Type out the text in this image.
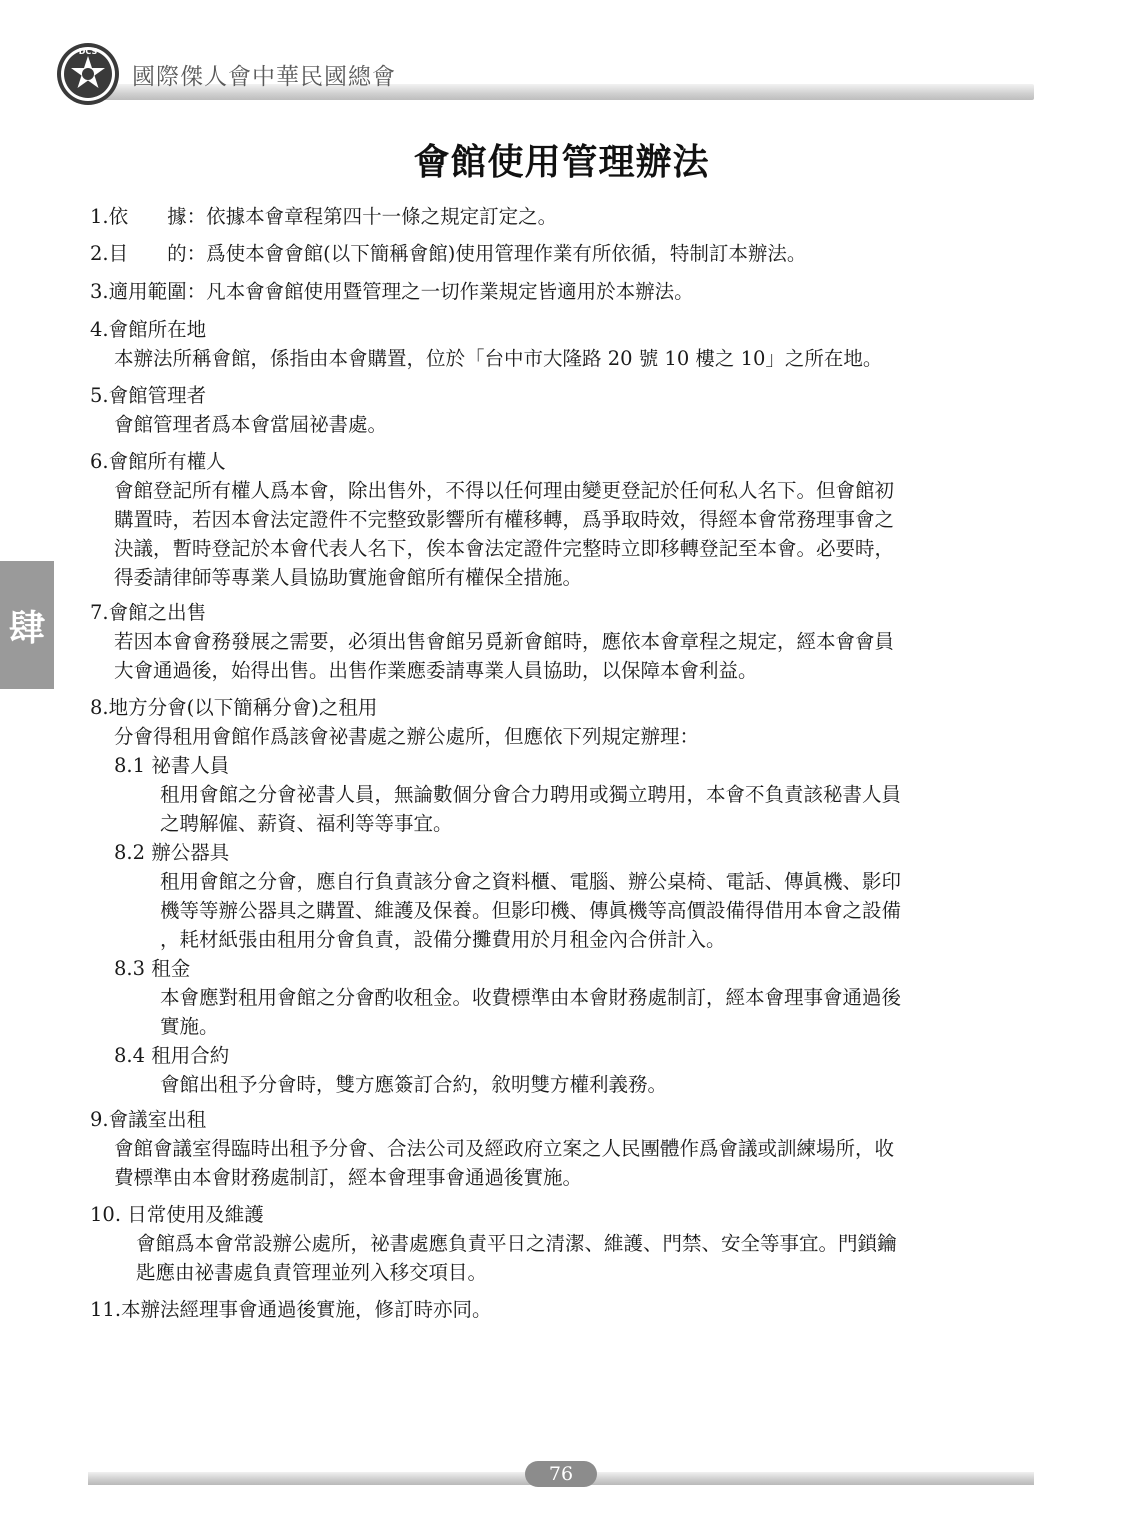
DCS
國際傑人會中華民國總會
會館使用管理辦法
肆
1.依　　據：依據本會章程第四十一條之規定訂定之。
2.目　　的：爲使本會會館(以下簡稱會館)使用管理作業有所依循，特制訂本辦法。
3.適用範圍：凡本會會館使用暨管理之一切作業規定皆適用於本辦法。
4.會館所在地
本辦法所稱會館，係指由本會購置，位於「台中市大隆路 20 號 10 樓之 10」之所在地。
5.會館管理者
會館管理者爲本會當屆祕書處。
6.會館所有權人
會館登記所有權人爲本會，除出售外，不得以任何理由變更登記於任何私人名下。但會館初
購置時，若因本會法定證件不完整致影響所有權移轉，爲爭取時效，得經本會常務理事會之
決議，暫時登記於本會代表人名下，俟本會法定證件完整時立即移轉登記至本會。必要時，
得委請律師等專業人員協助實施會館所有權保全措施。
7.會館之出售
若因本會會務發展之需要，必須出售會館另覓新會館時，應依本會章程之規定，經本會會員
大會通過後，始得出售。出售作業應委請專業人員協助，以保障本會利益。
8.地方分會(以下簡稱分會)之租用
分會得租用會館作爲該會祕書處之辦公處所，但應依下列規定辦理：
8.1 祕書人員
租用會館之分會祕書人員，無論數個分會合力聘用或獨立聘用，本會不負責該秘書人員
之聘解僱、薪資、福利等等事宜。
8.2 辦公器具
租用會館之分會，應自行負責該分會之資料櫃、電腦、辦公桌椅、電話、傳眞機、影印
機等等辦公器具之購置、維護及保養。但影印機、傳眞機等高價設備得借用本會之設備
，耗材紙張由租用分會負責，設備分攤費用於月租金內合併計入。
8.3 租金
本會應對租用會館之分會酌收租金。收費標準由本會財務處制訂，經本會理事會通過後
實施。
8.4 租用合約
會館出租予分會時，雙方應簽訂合約，敘明雙方權利義務。
9.會議室出租
會館會議室得臨時出租予分會、合法公司及經政府立案之人民團體作爲會議或訓練場所，收
費標準由本會財務處制訂，經本會理事會通過後實施。
10. 日常使用及維護
會館爲本會常設辦公處所，祕書處應負責平日之清潔、維護、門禁、安全等事宜。門鎖鑰
匙應由祕書處負責管理並列入移交項目。
11.本辦法經理事會通過後實施，修訂時亦同。
76
